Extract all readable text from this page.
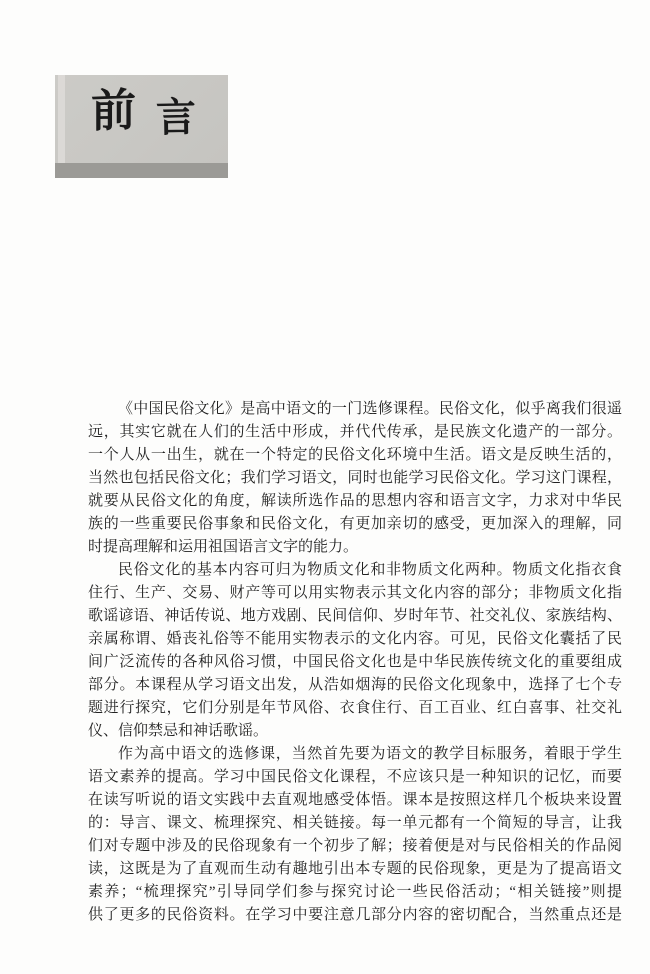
前 言
《中国民俗文化》是高中语文的一门选修课程。民俗文化，似乎离我们很遥
远，其实它就在人们的生活中形成，并代代传承，是民族文化遗产的一部分。
一个人从一出生，就在一个特定的民俗文化环境中生活。语文是反映生活的，
当然也包括民俗文化；我们学习语文，同时也能学习民俗文化。学习这门课程，
就要从民俗文化的角度，解读所选作品的思想内容和语言文字，力求对中华民
族的一些重要民俗事象和民俗文化，有更加亲切的感受，更加深入的理解，同
时提高理解和运用祖国语言文字的能力。
民俗文化的基本内容可归为物质文化和非物质文化两种。物质文化指衣食
住行、生产、交易、财产等可以用实物表示其文化内容的部分；非物质文化指
歌谣谚语、神话传说、地方戏剧、民间信仰、岁时年节、社交礼仪、家族结构、
亲属称谓、婚丧礼俗等不能用实物表示的文化内容。可见，民俗文化囊括了民
间广泛流传的各种风俗习惯，中国民俗文化也是中华民族传统文化的重要组成
部分。本课程从学习语文出发，从浩如烟海的民俗文化现象中，选择了七个专
题进行探究，它们分别是年节风俗、衣食住行、百工百业、红白喜事、社交礼
仪、信仰禁忌和神话歌谣。
作为高中语文的选修课，当然首先要为语文的教学目标服务，着眼于学生
语文素养的提高。学习中国民俗文化课程，不应该只是一种知识的记忆，而要
在读写听说的语文实践中去直观地感受体悟。课本是按照这样几个板块来设置
的：导言、课文、梳理探究、相关链接。每一单元都有一个简短的导言，让我
们对专题中涉及的民俗现象有一个初步了解；接着便是对与民俗相关的作品阅
读，这既是为了直观而生动有趣地引出本专题的民俗现象，更是为了提高语文
素养；“梳理探究”引导同学们参与探究讨论一些民俗活动；“相关链接”则提
供了更多的民俗资料。在学习中要注意几部分内容的密切配合，当然重点还是
